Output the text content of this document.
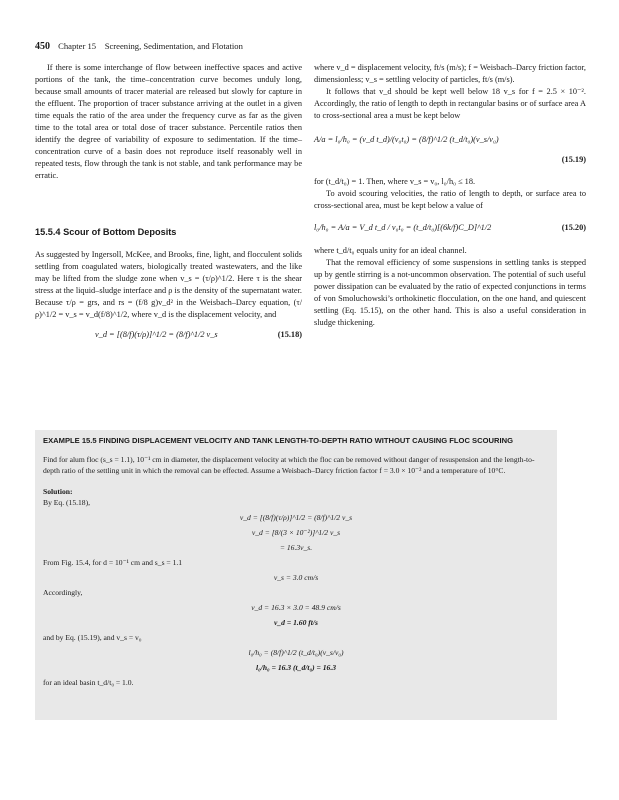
450 Chapter 15 Screening, Sedimentation, and Flotation

If there is some interchange of flow between ineffective spaces and active portions of the tank, the time–concentration curve becomes unduly long, because small amounts of tracer material are released but slowly for capture in the effluent. The proportion of tracer substance arriving at the outlet in a given time equals the ratio of the area under the frequency curve as far as the given time to the total area or total dose of tracer substance. Percentile ratios then identify the degree of variability of exposure to sedimentation. If the time–concentration curve of a basin does not reproduce itself reasonably well in repeated tests, flow through the tank is not stable, and tank performance may be erratic.

15.5.4 Scour of Bottom Deposits

As suggested by Ingersoll, McKee, and Brooks, fine, light, and flocculent solids settling from coagulated waters, biologically treated wastewaters, and the like may be lifted from the sludge zone when v_s = (τ/ρ)^1/2. Here τ is the shear stress at the liquid–sludge interface and ρ is the density of the supernatant water. Because τ/ρ = grs, and rs = (f/8 g)v_d² in the Weisbach–Darcy equation, (τ/ρ)^1/2 = v_s = v_d(f/8)^1/2, where v_d is the displacement velocity, and

v_d = [(8/f)(τ/ρ)]^1/2 = (8/f)^1/2 v_s	(15.18)

where v_d = displacement velocity, ft/s (m/s); f = Weisbach–Darcy friction factor, dimensionless; v_s = settling velocity of particles, ft/s (m/s).

It follows that v_d should be kept well below 18 v_s for f = 2.5 × 10⁻². Accordingly, the ratio of length to depth in rectangular basins or of surface area A to cross-sectional area a must be kept below

A/a = l₀/h₀ = (v_d t_d)/(v₀t₀) = (8/f)^1/2 (t_d/t₀)(v_s/v₀)
(15.19)

for (t_d/t₀) = 1. Then, where v_s = v₀, l₀/h₀ ≤ 18.

To avoid scouring velocities, the ratio of length to depth, or surface area to cross-sectional area, must be kept below a value of

l₀/h₀ = A/a = V_d t_d / v₀t₀ = (t_d/t₀)[(6k/f)C_D]^1/2	(15.20)

where t_d/t₀ equals unity for an ideal channel.

That the removal efficiency of some suspensions in settling tanks is stepped up by gentle stirring is a not-uncommon observation. The potential of such useful power dissipation can be evaluated by the ratio of expected conjunctions in terms of von Smoluchowski’s orthokinetic flocculation, on the one hand, and quiescent settling (Eq. 15.15), on the other hand. This is also a useful consideration in sludge thickening.

EXAMPLE 15.5 FINDING DISPLACEMENT VELOCITY AND TANK LENGTH-TO-DEPTH RATIO WITHOUT CAUSING FLOC SCOURING

Find for alum floc (s_s = 1.1), 10⁻¹ cm in diameter, the displacement velocity at which the floc can be removed without danger of resuspension and the length-to-depth ratio of the settling unit in which the removal can be effected. Assume a Weisbach–Darcy friction factor f = 3.0 × 10⁻² and a temperature of 10°C.

Solution:

By Eq. (15.18),

v_d = [(8/f)(τ/ρ)]^1/2 = (8/f)^1/2 v_s
v_d = [8/(3 × 10⁻²)]^1/2 v_s
= 16.3v_s.

From Fig. 15.4, for d = 10⁻¹ cm and s_s = 1.1

v_s = 3.0 cm/s

Accordingly,

v_d = 16.3 × 3.0 = 48.9 cm/s
v_d = 1.60 ft/s

and by Eq. (15.19), and v_s = v₀

l₀/h₀ = (8/f)^1/2 (t_d/t₀)(v_s/v₀)
l₀/h₀ = 16.3 (t_d/t₀) = 16.3

for an ideal basin t_d/t₀ = 1.0.
